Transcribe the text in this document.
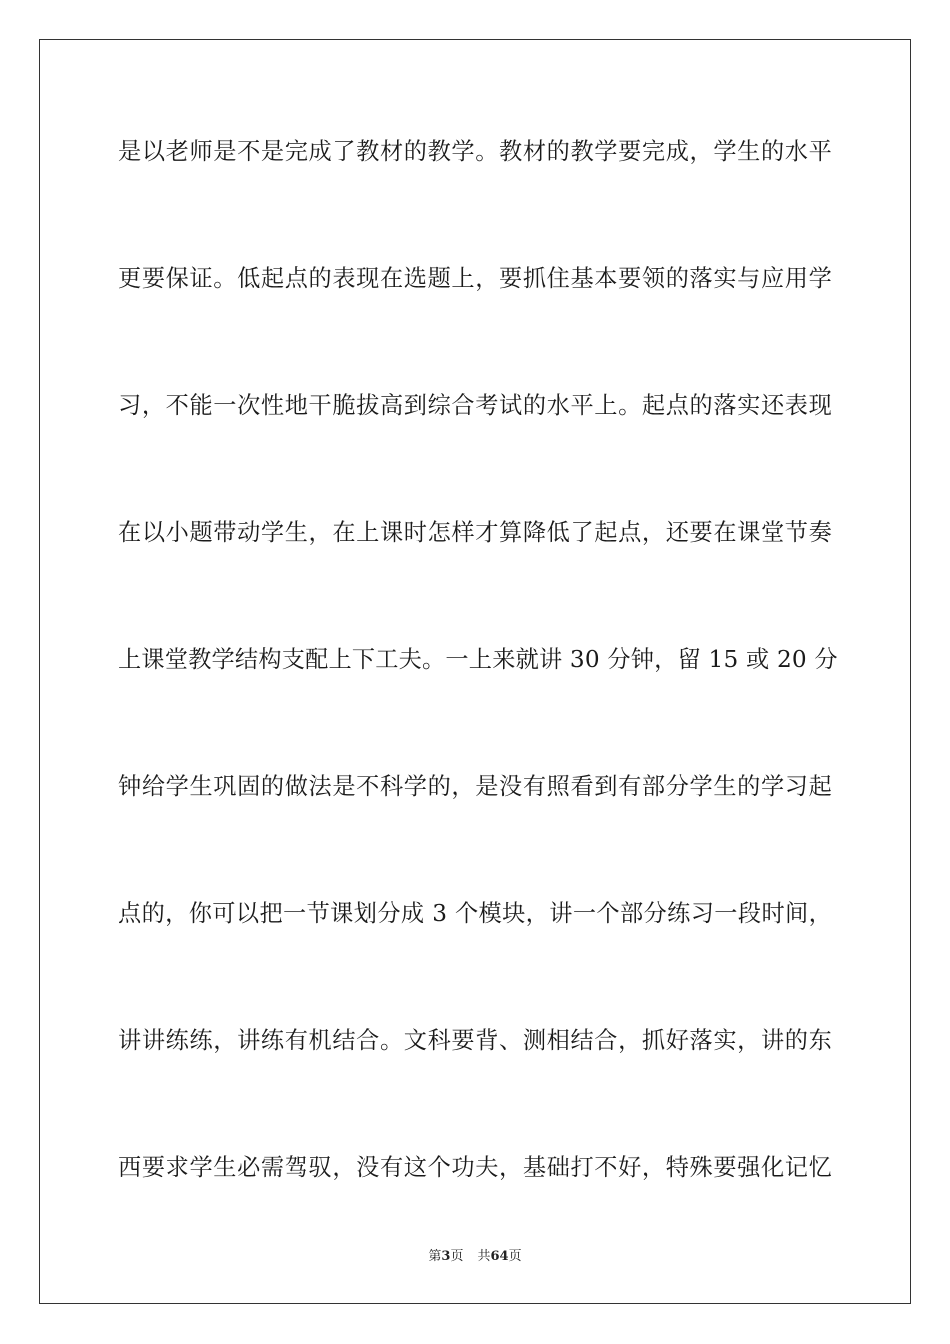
是以老师是不是完成了教材的教学。教材的教学要完成，学生的水平
更要保证。低起点的表现在选题上，要抓住基本要领的落实与应用学
习，不能一次性地干脆拔高到综合考试的水平上。起点的落实还表现
在以小题带动学生，在上课时怎样才算降低了起点，还要在课堂节奏
上课堂教学结构支配上下工夫。一上来就讲 30 分钟，留 15 或 20 分
钟给学生巩固的做法是不科学的，是没有照看到有部分学生的学习起
点的，你可以把一节课划分成 3 个模块，讲一个部分练习一段时间，
讲讲练练，讲练有机结合。文科要背、测相结合，抓好落实，讲的东
西要求学生必需驾驭，没有这个功夫，基础打不好，特殊要强化记忆
第3页 共64页
